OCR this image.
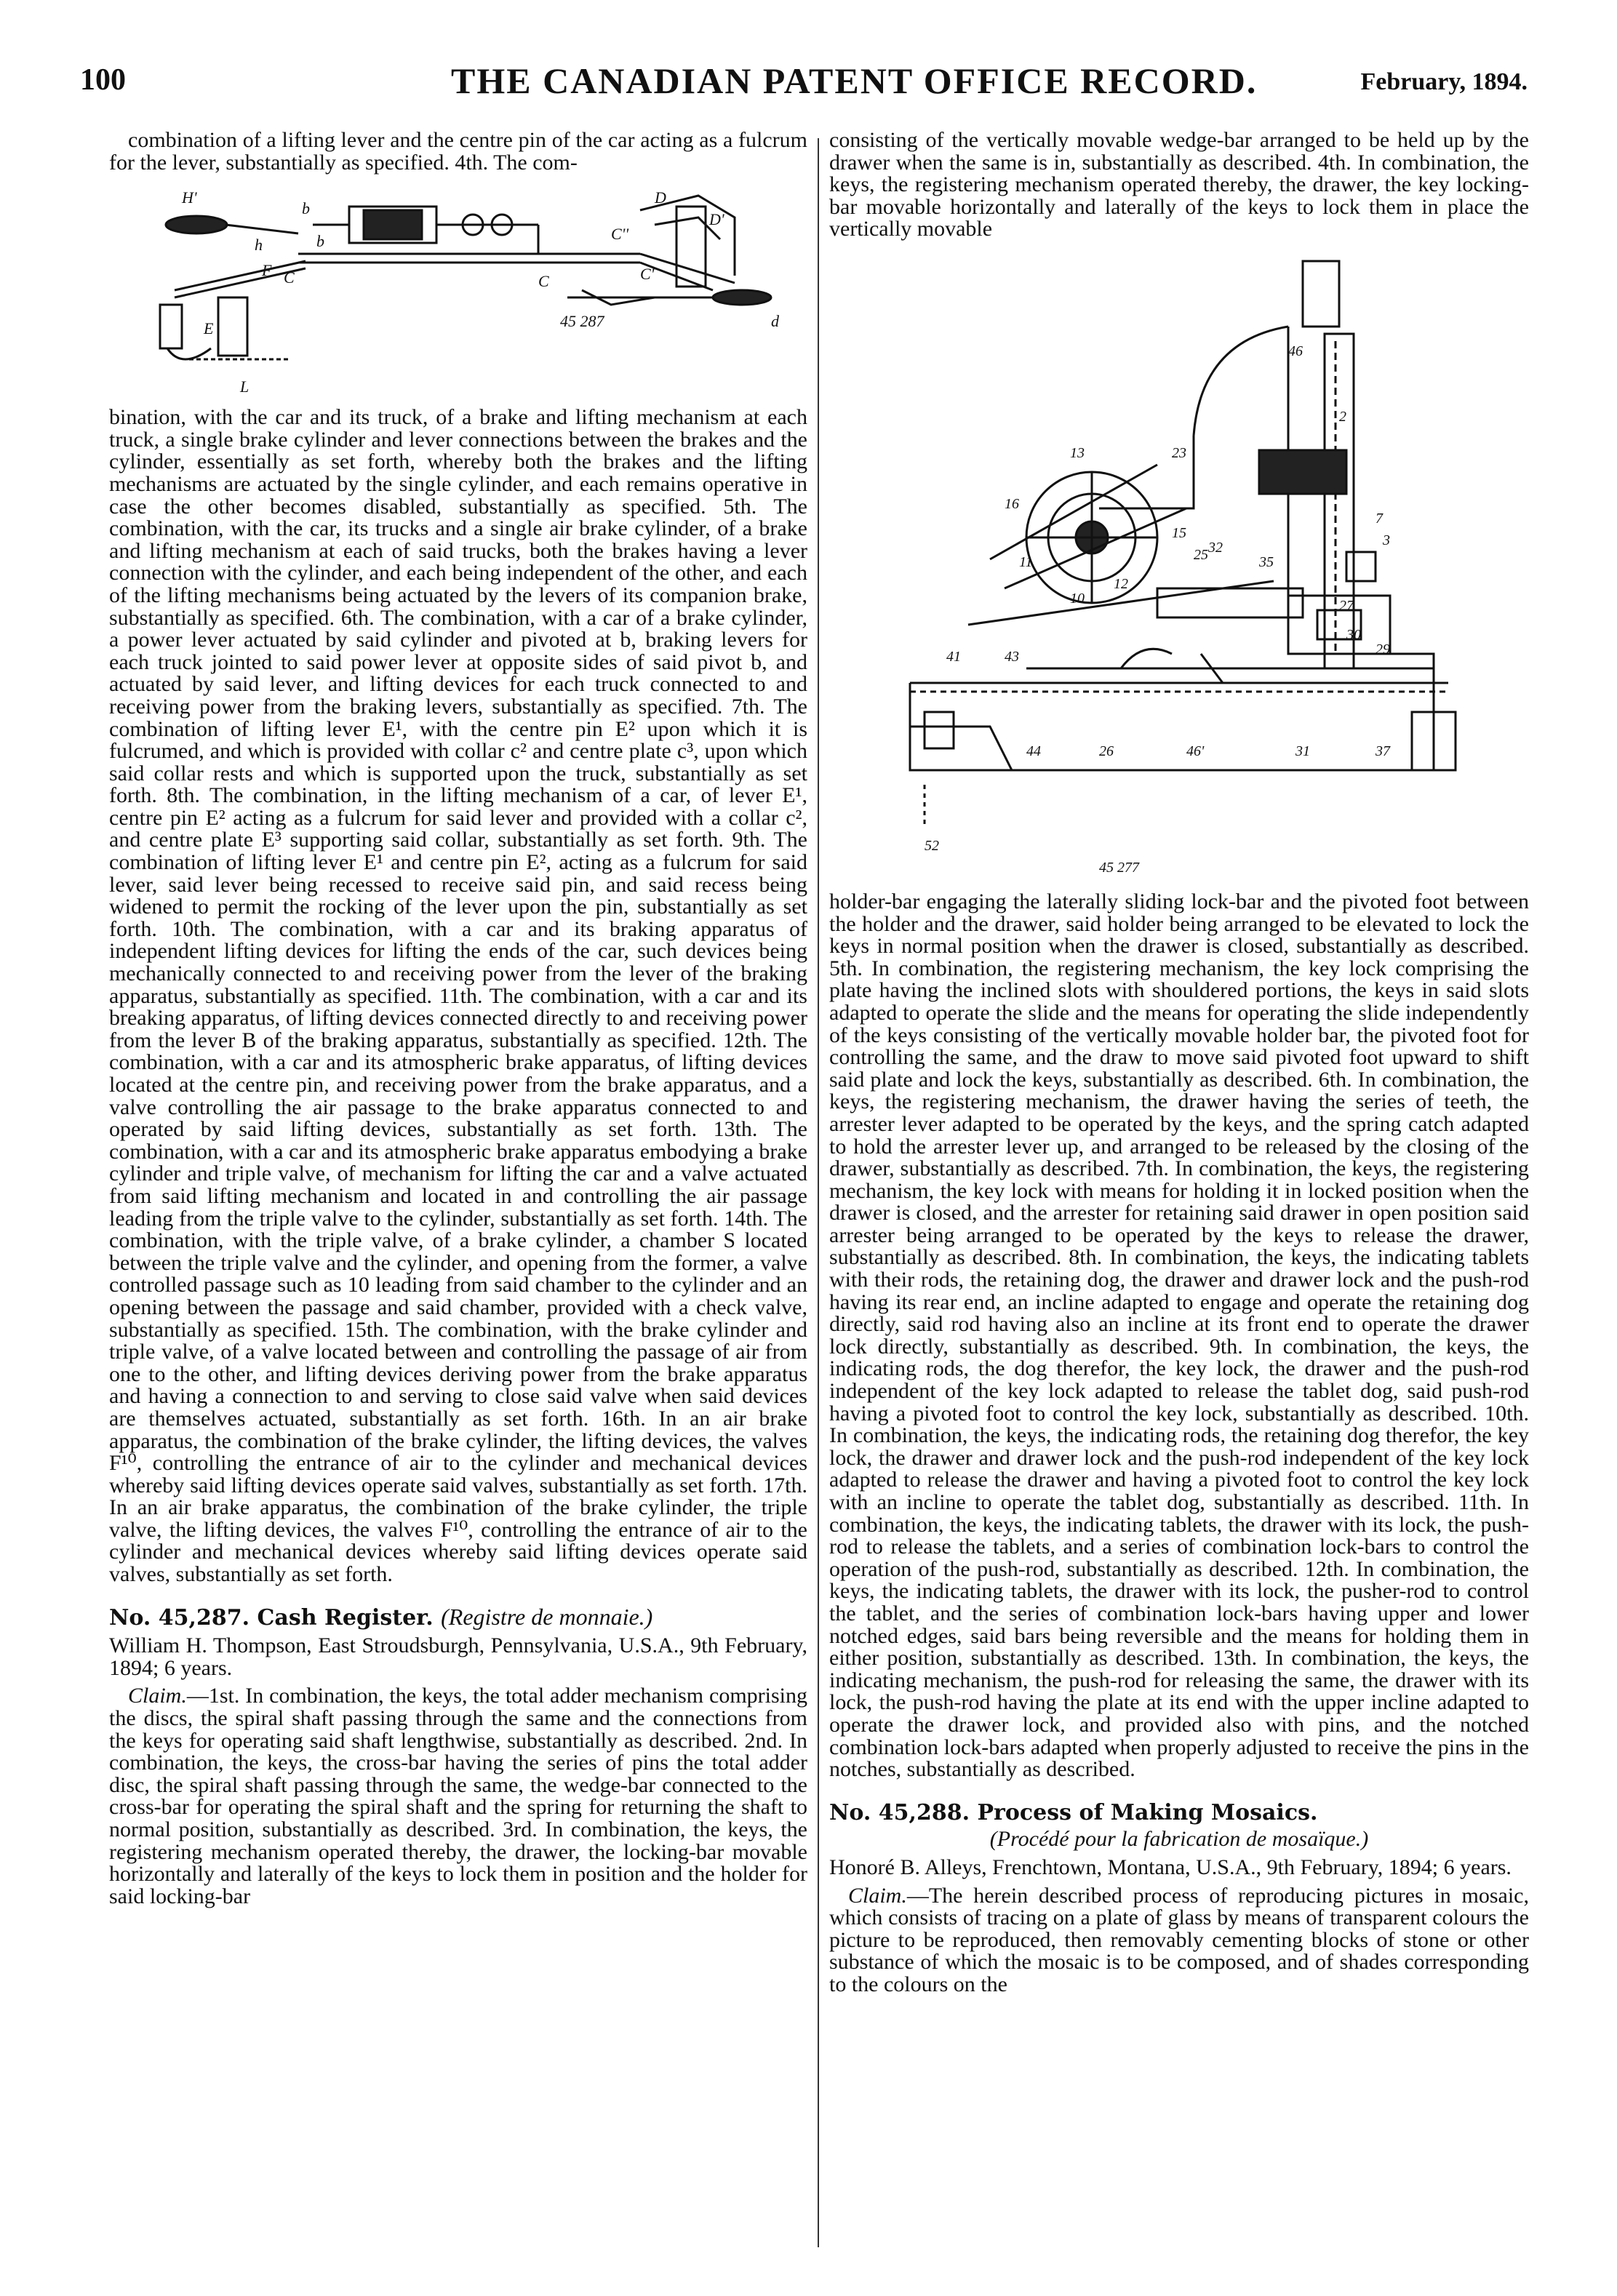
100	THE CANADIAN PATENT OFFICE RECORD.	February, 1894.

combination of a lifting lever and the centre pin of the car acting as a fulcrum for the lever, substantially as specified. 4th. The com-

H'
h
b
b
C	C
F
E
C'
D
D'
C''
45 287
L
d

bination, with the car and its truck, of a brake and lifting mechanism at each truck, a single brake cylinder and lever connections between the brakes and the cylinder, essentially as set forth, whereby both the brakes and the lifting mechanisms are actuated by the single cylinder, and each remains operative in case the other becomes disabled, substantially as specified. 5th. The combination, with the car, its trucks and a single air brake cylinder, of a brake and lifting mechanism at each of said trucks, both the brakes having a lever connection with the cylinder, and each being independent of the other, and each of the lifting mechanisms being actuated by the levers of its companion brake, substantially as specified. 6th. The combination, with a car of a brake cylinder, a power lever actuated by said cylinder and pivoted at b, braking levers for each truck jointed to said power lever at opposite sides of said pivot b, and actuated by said lever, and lifting devices for each truck connected to and receiving power from the braking levers, substantially as specified. 7th. The combination of lifting lever E¹, with the centre pin E² upon which it is fulcrumed, and which is provided with collar c² and centre plate c³, upon which said collar rests and which is supported upon the truck, substantially as set forth. 8th. The combination, in the lifting mechanism of a car, of lever E¹, centre pin E² acting as a fulcrum for said lever and provided with a collar c², and centre plate E³ supporting said collar, substantially as set forth. 9th. The combination of lifting lever E¹ and centre pin E², acting as a fulcrum for said lever, said lever being recessed to receive said pin, and said recess being widened to permit the rocking of the lever upon the pin, substantially as set forth. 10th. The combination, with a car and its braking apparatus of independent lifting devices for lifting the ends of the car, such devices being mechanically connected to and receiving power from the lever of the braking apparatus, substantially as specified. 11th. The combination, with a car and its breaking apparatus, of lifting devices connected directly to and receiving power from the lever B of the braking apparatus, substantially as specified. 12th. The combination, with a car and its atmospheric brake apparatus, of lifting devices located at the centre pin, and receiving power from the brake apparatus, and a valve controlling the air passage to the brake apparatus connected to and operated by said lifting devices, substantially as set forth. 13th. The combination, with a car and its atmospheric brake apparatus embodying a brake cylinder and triple valve, of mechanism for lifting the car and a valve actuated from said lifting mechanism and located in and controlling the air passage leading from the triple valve to the cylinder, substantially as set forth. 14th. The combination, with the triple valve, of a brake cylinder, a chamber S located between the triple valve and the cylinder, and opening from the former, a valve controlled passage such as 10 leading from said chamber to the cylinder and an opening between the passage and said chamber, provided with a check valve, substantially as specified. 15th. The combination, with the brake cylinder and triple valve, of a valve located between and controlling the passage of air from one to the other, and lifting devices deriving power from the brake apparatus and having a connection to and serving to close said valve when said devices are themselves actuated, substantially as set forth. 16th. In an air brake apparatus, the combination of the brake cylinder, the lifting devices, the valves F¹⁰, controlling the entrance of air to the cylinder and mechanical devices whereby said lifting devices operate said valves, substantially as set forth. 17th. In an air brake apparatus, the combination of the brake cylinder, the triple valve, the lifting devices, the valves F¹⁰, controlling the entrance of air to the cylinder and mechanical devices whereby said lifting devices operate said valves, substantially as set forth.

No. 45,287. Cash Register. (Registre de monnaie.)

William H. Thompson, East Stroudsburgh, Pennsylvania, U.S.A., 9th February, 1894; 6 years.

Claim.—1st. In combination, the keys, the total adder mechanism comprising the discs, the spiral shaft passing through the same and the connections from the keys for operating said shaft lengthwise, substantially as described. 2nd. In combination, the keys, the cross-bar having the series of pins the total adder disc, the spiral shaft passing through the same, the wedge-bar connected to the cross-bar for operating the spiral shaft and the spring for returning the shaft to normal position, substantially as described. 3rd. In combination, the keys, the registering mechanism operated thereby, the drawer, the locking-bar movable horizontally and laterally of the keys to lock them in position and the holder for said locking-bar

consisting of the vertically movable wedge-bar arranged to be held up by the drawer when the same is in, substantially as described. 4th. In combination, the keys, the registering mechanism operated thereby, the drawer, the key locking-bar movable horizontally and laterally of the keys to lock them in place the vertically movable

46
2
7
3
13
16
11
12
10
15
23
32
35
27
30
25
29
43
41
44	26	46'	31	37
52
45 277

holder-bar engaging the laterally sliding lock-bar and the pivoted foot between the holder and the drawer, said holder being arranged to be elevated to lock the keys in normal position when the drawer is closed, substantially as described. 5th. In combination, the registering mechanism, the key lock comprising the plate having the inclined slots with shouldered portions, the keys in said slots adapted to operate the slide and the means for operating the slide independently of the keys consisting of the vertically movable holder bar, the pivoted foot for controlling the same, and the draw to move said pivoted foot upward to shift said plate and lock the keys, substantially as described. 6th. In combination, the keys, the registering mechanism, the drawer having the series of teeth, the arrester lever adapted to be operated by the keys, and the spring catch adapted to hold the arrester lever up, and arranged to be released by the closing of the drawer, substantially as described. 7th. In combination, the keys, the registering mechanism, the key lock with means for holding it in locked position when the drawer is closed, and the arrester for retaining said drawer in open position said arrester being arranged to be operated by the keys to release the drawer, substantially as described. 8th. In combination, the keys, the indicating tablets with their rods, the retaining dog, the drawer and drawer lock and the push-rod having its rear end, an incline adapted to engage and operate the retaining dog directly, said rod having also an incline at its front end to operate the drawer lock directly, substantially as described. 9th. In combination, the keys, the indicating rods, the dog therefor, the key lock, the drawer and the push-rod independent of the key lock adapted to release the tablet dog, said push-rod having a pivoted foot to control the key lock, substantially as described. 10th. In combination, the keys, the indicating rods, the retaining dog therefor, the key lock, the drawer and drawer lock and the push-rod independent of the key lock adapted to release the drawer and having a pivoted foot to control the key lock with an incline to operate the tablet dog, substantially as described. 11th. In combination, the keys, the indicating tablets, the drawer with its lock, the push-rod to release the tablets, and a series of combination lock-bars to control the operation of the push-rod, substantially as described. 12th. In combination, the keys, the indicating tablets, the drawer with its lock, the pusher-rod to control the tablet, and the series of combination lock-bars having upper and lower notched edges, said bars being reversible and the means for holding them in either position, substantially as described. 13th. In combination, the keys, the indicating mechanism, the push-rod for releasing the same, the drawer with its lock, the push-rod having the plate at its end with the upper incline adapted to operate the drawer lock, and provided also with pins, and the notched combination lock-bars adapted when properly adjusted to receive the pins in the notches, substantially as described.

No. 45,288. Process of Making Mosaics.

(Procédé pour la fabrication de mosaïque.)

Honoré B. Alleys, Frenchtown, Montana, U.S.A., 9th February, 1894; 6 years.

Claim.—The herein described process of reproducing pictures in mosaic, which consists of tracing on a plate of glass by means of transparent colours the picture to be reproduced, then removably cementing blocks of stone or other substance of which the mosaic is to be composed, and of shades corresponding to the colours on the
